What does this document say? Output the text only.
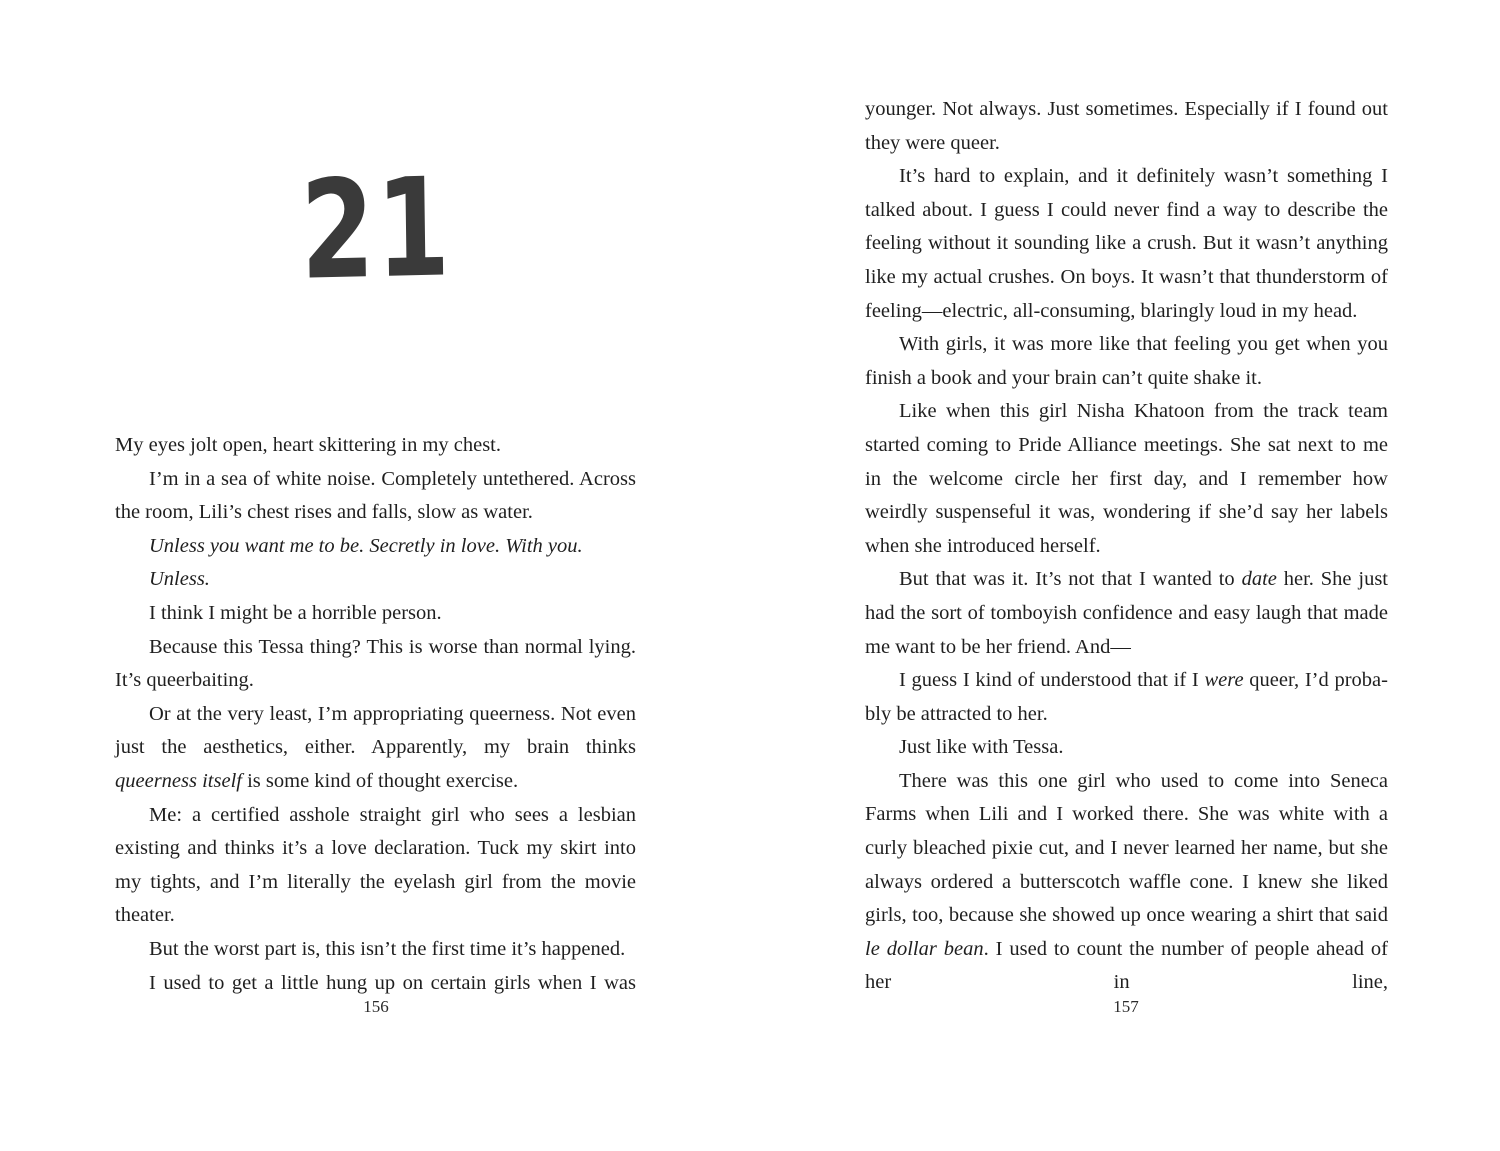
21

My eyes jolt open, heart skittering in my chest.

I’m in a sea of white noise. Completely untethered. Across the room, Lili’s chest rises and falls, slow as water.

Unless you want me to be. Secretly in love. With you.

Unless.

I think I might be a horrible person.

Because this Tessa thing? This is worse than normal lying. It’s queerbaiting.

Or at the very least, I’m appropriating queerness. Not even just the aesthetics, either. Apparently, my brain thinks queerness itself is some kind of thought exercise.

Me: a certified asshole straight girl who sees a lesbian existing and thinks it’s a love declaration. Tuck my skirt into my tights, and I’m literally the eyelash girl from the movie theater.

But the worst part is, this isn’t the first time it’s happened.

I used to get a little hung up on certain girls when I was

156

younger. Not always. Just sometimes. Especially if I found out they were queer.

It’s hard to explain, and it definitely wasn’t something I talked about. I guess I could never find a way to describe the feeling without it sounding like a crush. But it wasn’t anything like my actual crushes. On boys. It wasn’t that thunderstorm of feeling—electric, all-consuming, blaringly loud in my head.

With girls, it was more like that feeling you get when you finish a book and your brain can’t quite shake it.

Like when this girl Nisha Khatoon from the track team started coming to Pride Alliance meetings. She sat next to me in the welcome circle her first day, and I remember how weirdly suspenseful it was, wondering if she’d say her labels when she introduced herself.

But that was it. It’s not that I wanted to date her. She just had the sort of tomboyish confidence and easy laugh that made me want to be her friend. And—

I guess I kind of understood that if I were queer, I’d probably be attracted to her.

Just like with Tessa.

There was this one girl who used to come into Seneca Farms when Lili and I worked there. She was white with a curly bleached pixie cut, and I never learned her name, but she always ordered a butterscotch waffle cone. I knew she liked girls, too, because she showed up once wearing a shirt that said le dollar bean. I used to count the number of people ahead of her in line,

157
